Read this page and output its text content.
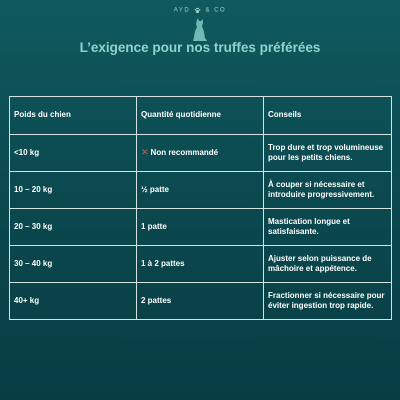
AYD	& CO
L’exigence pour nos truffes préférées
Poids du chien	Quantité quotidienne	Conseils
<10 kg	✕ Non recommandé	Trop dure et trop volumineuse pour les petits chiens.
10 – 20 kg	½ patte	À couper si nécessaire et introduire progressivement.
20 – 30 kg	1 patte	Mastication longue et satisfaisante.
30 – 40 kg	1 à 2 pattes	Ajuster selon puissance de mâchoire et appétence.
40+ kg	2 pattes	Fractionner si nécessaire pour éviter ingestion trop rapide.
